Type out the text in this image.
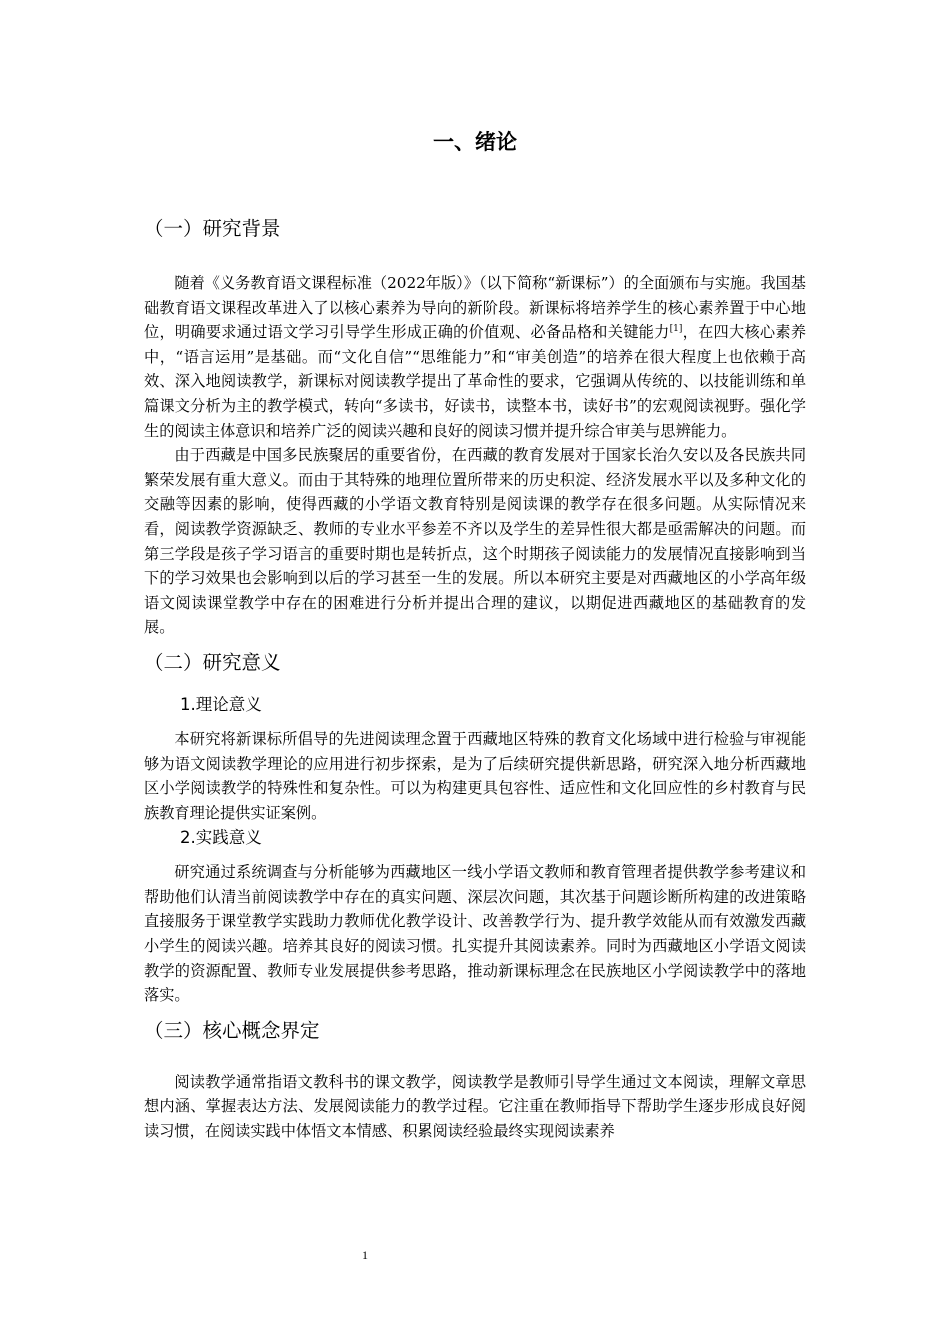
一、绪论
（一）研究背景

随着《义务教育语文课程标准（2022年版）》（以下简称“新课标”）的全面颁布与实施。我国基础教育语文课程改革进入了以核心素养为导向的新阶段。新课标将培养学生的核心素养置于中心地位，明确要求通过语文学习引导学生形成正确的价值观、必备品格和关键能力[1]，在四大核心素养中，“语言运用”是基础。而“文化自信”“思维能力”和“审美创造”的培养在很大程度上也依赖于高效、深入地阅读教学，新课标对阅读教学提出了革命性的要求，它强调从传统的、以技能训练和单篇课文分析为主的教学模式，转向“多读书，好读书，读整本书，读好书”的宏观阅读视野。强化学生的阅读主体意识和培养广泛的阅读兴趣和良好的阅读习惯并提升综合审美与思辨能力。

由于西藏是中国多民族聚居的重要省份，在西藏的教育发展对于国家长治久安以及各民族共同繁荣发展有重大意义。而由于其特殊的地理位置所带来的历史积淀、经济发展水平以及多种文化的交融等因素的影响，使得西藏的小学语文教育特别是阅读课的教学存在很多问题。从实际情况来看，阅读教学资源缺乏、教师的专业水平参差不齐以及学生的差异性很大都是亟需解决的问题。而第三学段是孩子学习语言的重要时期也是转折点，这个时期孩子阅读能力的发展情况直接影响到当下的学习效果也会影响到以后的学习甚至一生的发展。所以本研究主要是对西藏地区的小学高年级语文阅读课堂教学中存在的困难进行分析并提出合理的建议，以期促进西藏地区的基础教育的发展。

（二）研究意义
1.理论意义

本研究将新课标所倡导的先进阅读理念置于西藏地区特殊的教育文化场域中进行检验与审视能够为语文阅读教学理论的应用进行初步探索，是为了后续研究提供新思路，研究深入地分析西藏地区小学阅读教学的特殊性和复杂性。可以为构建更具包容性、适应性和文化回应性的乡村教育与民族教育理论提供实证案例。

2.实践意义

研究通过系统调查与分析能够为西藏地区一线小学语文教师和教育管理者提供教学参考建议和帮助他们认清当前阅读教学中存在的真实问题、深层次问题，其次基于问题诊断所构建的改进策略直接服务于课堂教学实践助力教师优化教学设计、改善教学行为、提升教学效能从而有效激发西藏小学生的阅读兴趣。培养其良好的阅读习惯。扎实提升其阅读素养。同时为西藏地区小学语文阅读教学的资源配置、教师专业发展提供参考思路，推动新课标理念在民族地区小学阅读教学中的落地落实。

（三）核心概念界定

阅读教学通常指语文教科书的课文教学，阅读教学是教师引导学生通过文本阅读，理解文章思想内涵、掌握表达方法、发展阅读能力的教学过程。它注重在教师指导下帮助学生逐步形成良好阅读习惯，在阅读实践中体悟文本情感、积累阅读经验最终实现阅读素养

1
